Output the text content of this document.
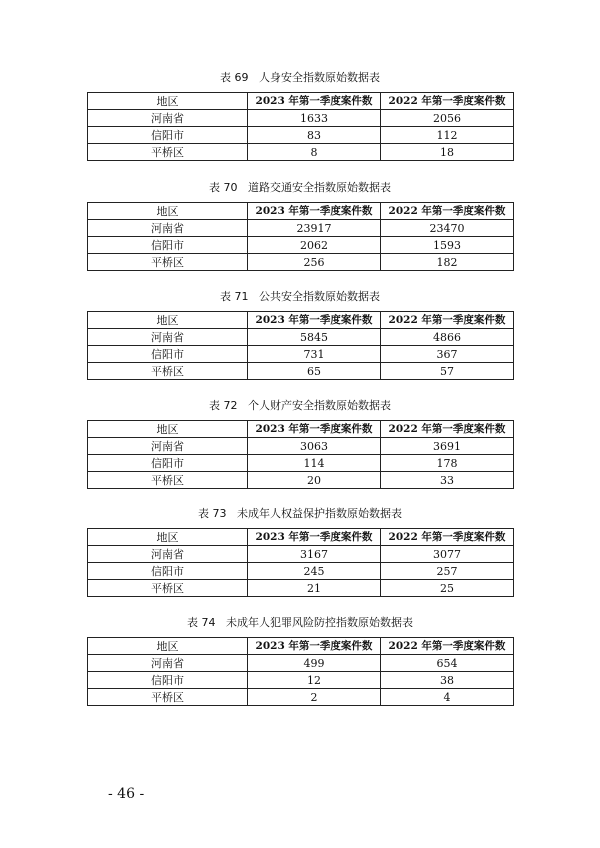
表 69 人身安全指数原始数据表
地区	2023 年第一季度案件数	2022 年第一季度案件数
河南省	1633	2056
信阳市	83	112
平桥区	8	18
表 70 道路交通安全指数原始数据表
地区	2023 年第一季度案件数	2022 年第一季度案件数
河南省	23917	23470
信阳市	2062	1593
平桥区	256	182
表 71 公共安全指数原始数据表
地区	2023 年第一季度案件数	2022 年第一季度案件数
河南省	5845	4866
信阳市	731	367
平桥区	65	57
表 72 个人财产安全指数原始数据表
地区	2023 年第一季度案件数	2022 年第一季度案件数
河南省	3063	3691
信阳市	114	178
平桥区	20	33
表 73 未成年人权益保护指数原始数据表
地区	2023 年第一季度案件数	2022 年第一季度案件数
河南省	3167	3077
信阳市	245	257
平桥区	21	25
表 74 未成年人犯罪风险防控指数原始数据表
地区	2023 年第一季度案件数	2022 年第一季度案件数
河南省	499	654
信阳市	12	38
平桥区	2	4
- 46 -
